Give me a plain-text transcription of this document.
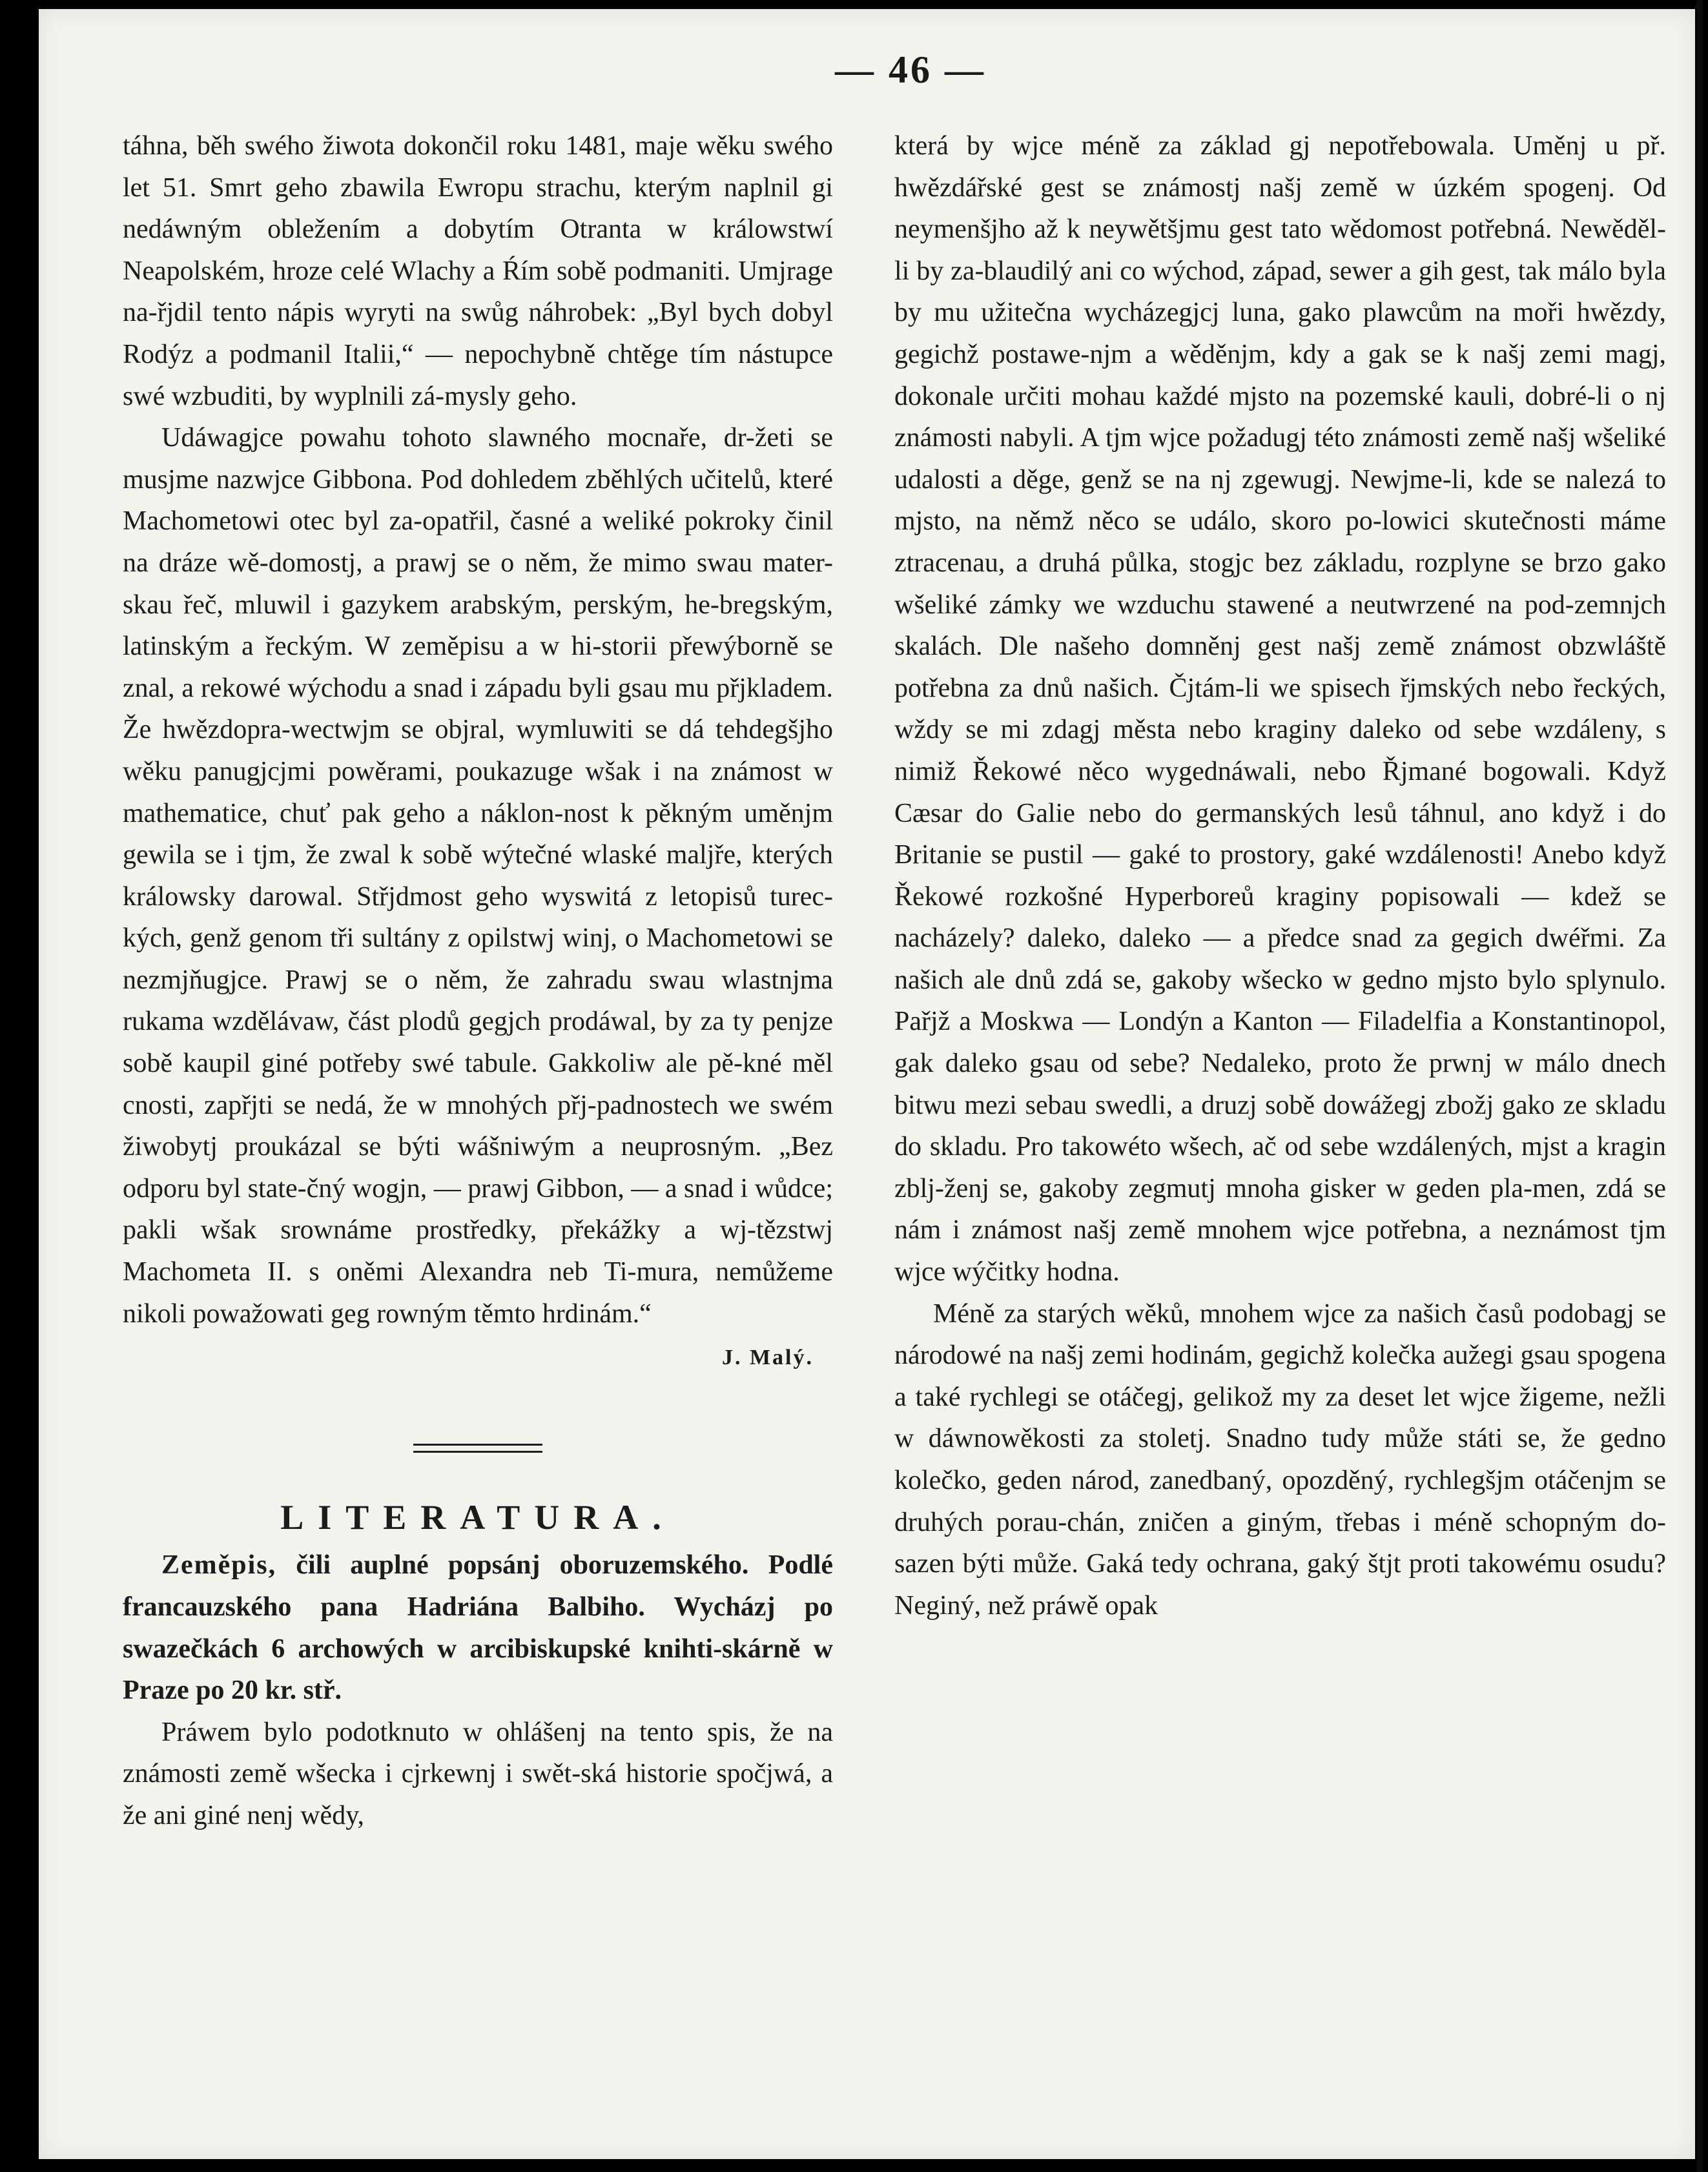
— 46 —

táhna, běh swého žiwota dokončil roku 1481, maje wěku swého let 51. Smrt geho zbawila Ewropu strachu, kterým naplnil gi nedáwným obležením a dobytím Otranta w králowstwí Neapolském, hroze celé Wlachy a Ŕím sobě podmaniti. Umjrage na-řjdil tento nápis wyryti na swůg náhrobek: „Byl bych dobyl Rodýz a podmanil Italii,“ — nepochybně chtěge tím nástupce swé wzbuditi, by wyplnili zá-mysly geho.

Udáwagjce powahu tohoto slawného mocnaře, dr-žeti se musjme nazwjce Gibbona. Pod dohledem zběhlých učitelů, které Machometowi otec byl za-opatřil, časné a weliké pokroky činil na dráze wě-domostj, a prawj se o něm, že mimo swau mater-skau řeč, mluwil i gazykem arabským, perským, he-bregským, latinským a řeckým. W zeměpisu a w hi-storii přewýborně se znal, a rekowé wýchodu a snad i západu byli gsau mu přjkladem. Že hwězdopra-wectwjm se objral, wymluwiti se dá tehdegšjho wěku panugjcjmi powěrami, poukazuge wšak i na známost w mathematice, chuť pak geho a náklon-nost k pěkným uměnjm gewila se i tjm, že zwal k sobě wýtečné wlaské maljře, kterých králowsky darowal. Střjdmost geho wyswitá z letopisů turec-kých, genž genom tři sultány z opilstwj winj, o Machometowi se nezmjňugjce. Prawj se o něm, že zahradu swau wlastnjma rukama wzdělávaw, část plodů gegjch prodáwal, by za ty penjze sobě kaupil giné potřeby swé tabule. Gakkoliw ale pě-kné měl cnosti, zapřjti se nedá, že w mnohých přj-padnostech we swém žiwobytj proukázal se býti wášniwým a neuprosným. „Bez odporu byl state-čný wogjn, — prawj Gibbon, — a snad i wůdce; pakli wšak srownáme prostředky, překážky a wj-tězstwj Machometa II. s oněmi Alexandra neb Ti-mura, nemůžeme nikoli powažowati geg rowným těmto hrdinám.“

J. Malý.
LITERATURA.

Zeměpis, čili auplné popsánj oboruzemského. Podlé francauzského pana Hadriána Balbiho. Wycházj po swazečkách 6 archowých w arcibiskupské knihti-skárně w Praze po 20 kr. stř.

Práwem bylo podotknuto w ohlášenj na tento spis, že na známosti země wšecka i cjrkewnj i swět-ská historie spočjwá, a že ani giné nenj wědy,

která by wjce méně za základ gj nepotřebowala. Uměnj u př. hwězdářské gest se známostj našj země w úzkém spogenj. Od neymenšjho až k neywětšjmu gest tato wědomost potřebná. Newěděl-li by za-blaudilý ani co wýchod, západ, sewer a gih gest, tak málo byla by mu užitečna wycházegjcj luna, gako plawcům na moři hwězdy, gegichž postawe-njm a wěděnjm, kdy a gak se k našj zemi magj, dokonale určiti mohau každé mjsto na pozemské kauli, dobré-li o nj známosti nabyli. A tjm wjce požadugj této známosti země našj wšeliké udalosti a děge, genž se na nj zgewugj. Newjme-li, kde se nalezá to mjsto, na němž něco se událo, skoro po-lowici skutečnosti máme ztracenau, a druhá půlka, stogjc bez základu, rozplyne se brzo gako wšeliké zámky we wzduchu stawené a neutwrzené na pod-zemnjch skalách. Dle našeho domněnj gest našj země známost obzwláště potřebna za dnů našich. Čjtám-li we spisech řjmských nebo řeckých, wždy se mi zdagj města nebo kraginy daleko od sebe wzdáleny, s nimiž Řekowé něco wygednáwali, nebo Řjmané bogowali. Když Cæsar do Galie nebo do germanských lesů táhnul, ano když i do Britanie se pustil — gaké to prostory, gaké wzdálenosti! Anebo když Řekowé rozkošné Hyperboreů kraginy popisowali — kdež se nacházely? daleko, daleko — a předce snad za gegich dwéřmi. Za našich ale dnů zdá se, gakoby wšecko w gedno mjsto bylo splynulo. Pařjž a Moskwa — Londýn a Kanton — Filadelfia a Konstantinopol, gak daleko gsau od sebe? Nedaleko, proto že prwnj w málo dnech bitwu mezi sebau swedli, a druzj sobě dowážegj zbožj gako ze skladu do skladu. Pro takowéto wšech, ač od sebe wzdálených, mjst a kragin zblj-ženj se, gakoby zegmutj mnoha gisker w geden pla-men, zdá se nám i známost našj země mnohem wjce potřebna, a neznámost tjm wjce wýčitky hodna.

Méně za starých wěků, mnohem wjce za našich časů podobagj se národowé na našj zemi hodinám, gegichž kolečka aužegi gsau spogena a také rychlegi se otáčegj, gelikož my za deset let wjce žigeme, nežli w dáwnowěkosti za stoletj. Snadno tudy může státi se, že gedno kolečko, geden národ, zanedbaný, opozděný, rychlegšjm otáčenjm se druhých porau-chán, zničen a giným, třebas i méně schopným do-sazen býti může. Gaká tedy ochrana, gaký štjt proti takowému osudu? Neginý, než práwě opak
